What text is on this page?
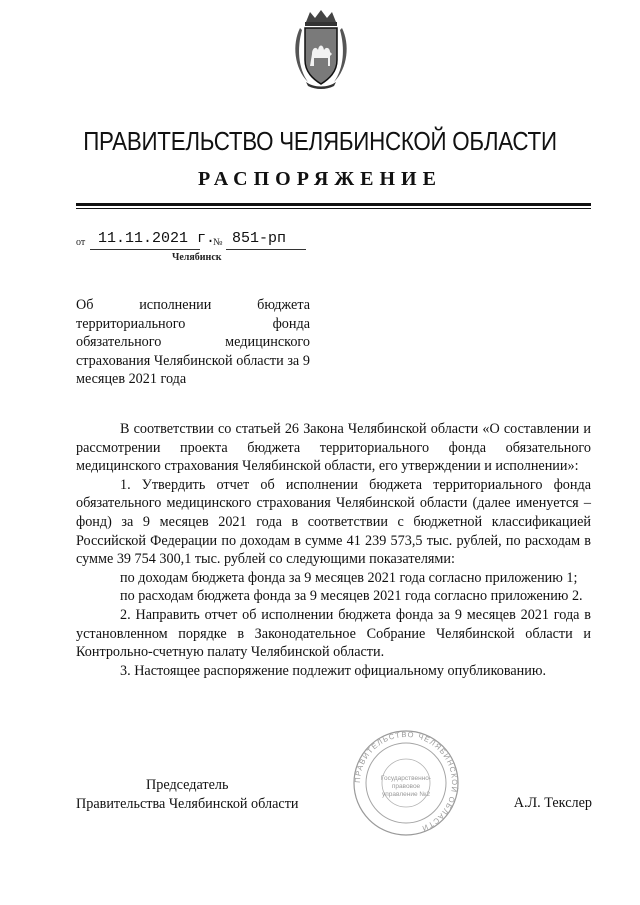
ПРАВИТЕЛЬСТВО ЧЕЛЯБИНСКОЙ ОБЛАСТИ
РАСПОРЯЖЕНИЕ
от 11.11.2021 г.
№ 851-рп
Челябинск

Об исполнении бюджета территориального фонда обязательного медицинского страхования Челябинской области за 9 месяцев 2021 года

В соответствии со статьей 26 Закона Челябинской области «О составлении и рассмотрении проекта бюджета территориального фонда обязательного медицинского страхования Челябинской области, его утверждении и исполнении»:

1. Утвердить отчет об исполнении бюджета территориального фонда обязательного медицинского страхования Челябинской области (далее именуется – фонд) за 9 месяцев 2021 года в соответствии с бюджетной классификацией Российской Федерации по доходам в сумме 41 239 573,5 тыс. рублей, по расходам в сумме 39 754 300,1 тыс. рублей со следующими показателями:

по доходам бюджета фонда за 9 месяцев 2021 года согласно приложению 1;

по расходам бюджета фонда за 9 месяцев 2021 года согласно приложению 2.

2. Направить отчет об исполнении бюджета фонда за 9 месяцев 2021 года в установленном порядке в Законодательное Собрание Челябинской области и Контрольно-счетную палату Челябинской области.

3. Настоящее распоряжение подлежит официальному опубликованию.

ПРАВИТЕЛЬСТВО ЧЕЛЯБИНСКОЙ ОБЛАСТИ
Государственно-
правовое
управление №2
Председатель
Правительства Челябинской области	А.Л. Текслер
